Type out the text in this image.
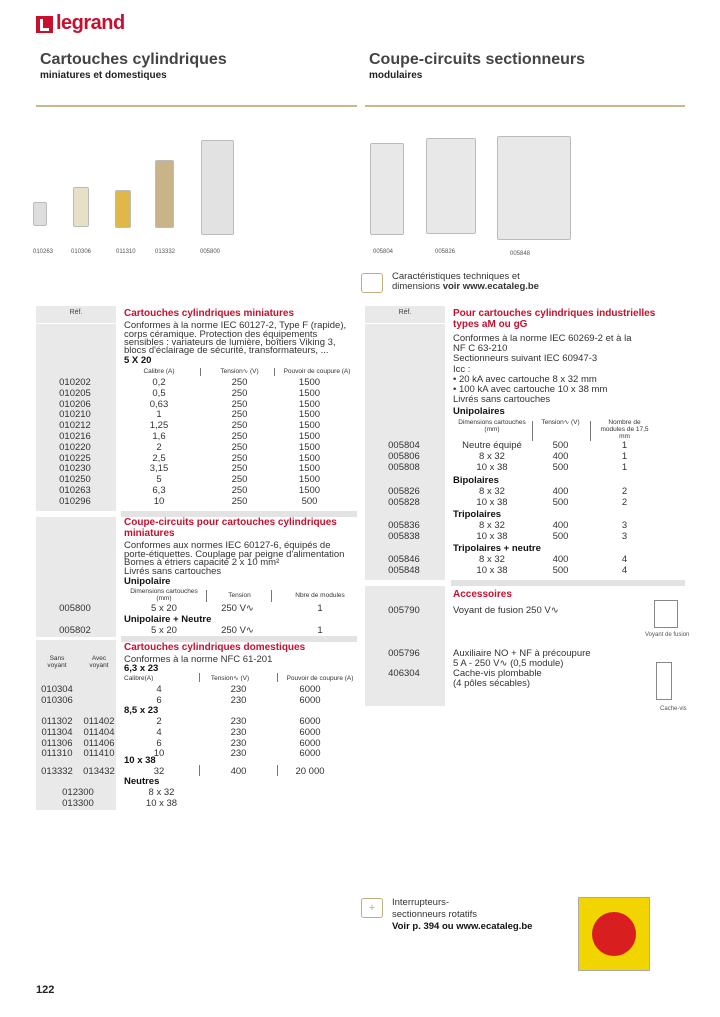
legrand
Cartouches cylindriques
miniatures et domestiques
Coupe-circuits sectionneurs
modulaires
010263	010306	011310	013332	005800	005804	005826	005848
Caractéristiques techniques et
dimensions voir www.ecataleg.be
Réf.	Cartouches cylindriques miniatures
Conformes à la norme IEC 60127-2, Type F (rapide),
corps céramique. Protection des équipements
sensibles : variateurs de lumière, boîtiers Viking 3,
blocs d'éclairage de sécurité, transformateurs, ...
5 X 20
Calibre (A)	Tension∿ (V)	Pouvoir de coupure (A)
010202	0,2	250	1500
010205	0,5	250	1500
010206	0,63	250	1500
010210	1	250	1500
010212	1,25	250	1500
010216	1,6	250	1500
010220	2	250	1500
010225	2,5	250	1500
010230	3,15	250	1500
010250	5	250	1500
010263	6,3	250	1500
010296	10	250	500
Coupe-circuits pour cartouches cylindriques
miniatures
Conformes aux normes IEC 60127-6, équipés de
porte-étiquettes. Couplage par peigne d'alimentation
Bornes à étriers capacité 2 x 10 mm²
Livrés sans cartouches
Unipolaire
Dimensions cartouches (mm)	Tension	Nbre de modules
005800	5 x 20	250 V∿	1
Unipolaire + Neutre
005802	5 x 20	250 V∿	1
Cartouches cylindriques domestiques
Conformes à la norme NFC 61-201
Sans voyant
Avec voyant
Calibre(A)	Tension∿ (V)	Pouvoir de coupure (A)
6,3 x 23
010304	4	230	6000
010306	6	230	6000
8,5 x 23
011302	011402	2	230	6000
011304	011404	4	230	6000
011306	011406	6	230	6000
011310	011410	10	230	6000
10 x 38
013332	013432	32	400	20 000
Neutres
012300	8 x 32
013300	10 x 38
Réf.	Pour cartouches cylindriques industrielles
types aM ou gG
Conformes à la norme IEC 60269-2 et à la
NF C 63-210
Sectionneurs suivant IEC 60947-3
Icc :
• 20 kA avec cartouche 8 x 32 mm
• 100 kA avec cartouche 10 x 38 mm
Livrés sans cartouches
Dimensions cartouches (mm)
Tension∿ (V)	Nombre de modules de 17,5 mm
Unipolaires
005804	Neutre équipé	500	1
005806	8 x 32	400	1
005808	10 x 38	500	1
Bipolaires
005826	8 x 32	400	2
005828	10 x 38	500	2
Tripolaires
005836	8 x 32	400	3
005838	10 x 38	500	3
Tripolaires + neutre
005846	8 x 32	400	4
005848	10 x 38	500	4
Accessoires
005790	Voyant de fusion 250 V∿
Voyant de fusion
005796	Auxiliaire NO + NF à précoupure
5 A - 250 V∿ (0,5 module)
406304	Cache-vis plombable
(4 pôles sécables)
Cache-vis
+	Interrupteurs-
sectionneurs rotatifs
Voir p. 394 ou www.ecataleg.be
122
